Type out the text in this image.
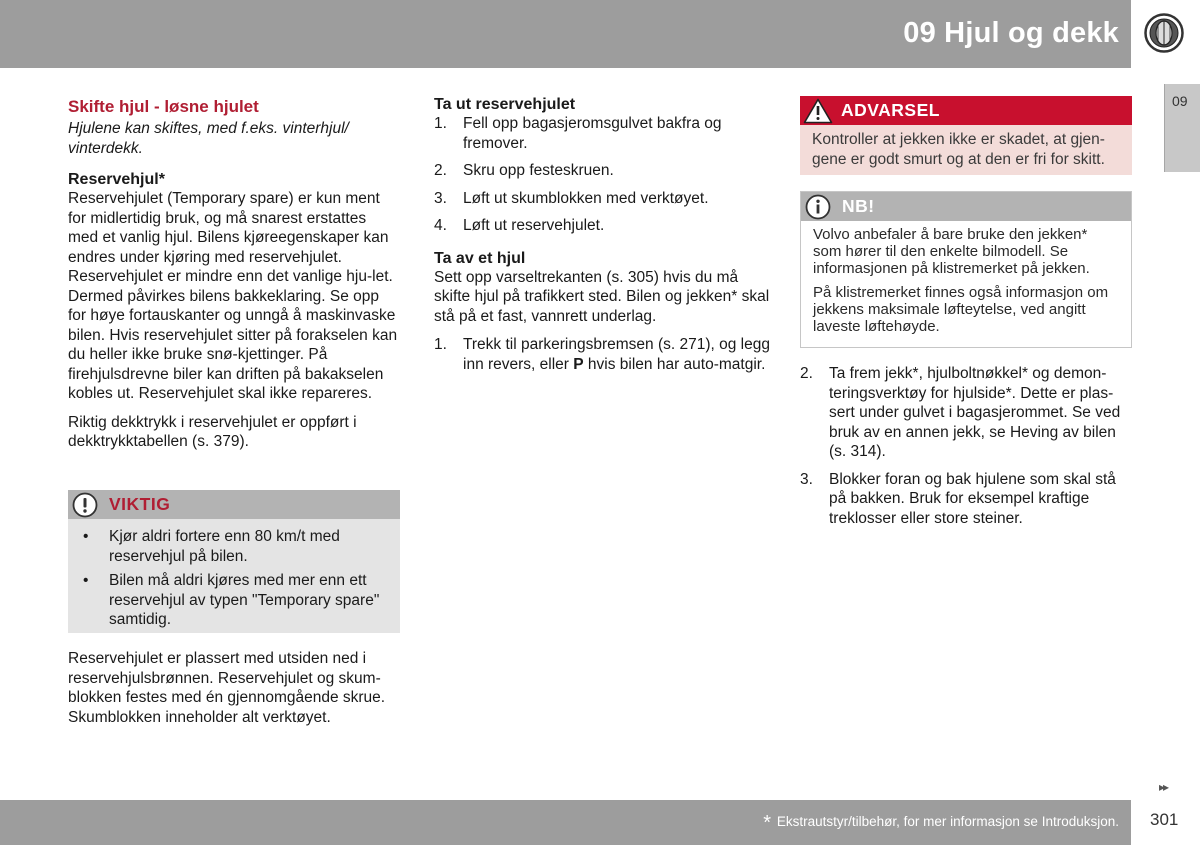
09 Hjul og dekk
09
Skifte hjul - løsne hjulet

Hjulene kan skiftes, med f.eks. vinterhjul/ vinterdekk.

Reservehjul*

Reservehjulet (Temporary spare) er kun ment for midlertidig bruk, og må snarest erstattes med et vanlig hjul. Bilens kjøreegenskaper kan endres under kjøring med reservehjulet. Reservehjulet er mindre enn det vanlige hju-let. Dermed påvirkes bilens bakkeklaring. Se opp for høye fortauskanter og unngå å maskinvaske bilen. Hvis reservehjulet sitter på forakselen kan du heller ikke bruke snø-kjettinger. På firehjulsdrevne biler kan driften på bakakselen kobles ut. Reservehjulet skal ikke repareres.

Riktig dekktrykk i reservehjulet er oppført i dekktrykktabellen (s. 379).

VIKTIG
• Kjør aldri fortere enn 80 km/t med reservehjul på bilen.
• Bilen må aldri kjøres med mer enn ett reservehjul av typen "Temporary spare" samtidig.

Reservehjulet er plassert med utsiden ned i reservehjulsbrønnen. Reservehjulet og skum-blokken festes med én gjennomgående skrue. Skumblokken inneholder alt verktøyet.

Ta ut reservehjulet
1. Fell opp bagasjeromsgulvet bakfra og fremover.
2. Skru opp festeskruen.
3. Løft ut skumblokken med verktøyet.
4. Løft ut reservehjulet.
Ta av et hjul

Sett opp varseltrekanten (s. 305) hvis du må skifte hjul på trafikkert sted. Bilen og jekken* skal stå på et fast, vannrett underlag.

1. Trekk til parkeringsbremsen (s. 271), og legg inn revers, eller P hvis bilen har auto-matgir.
ADVARSEL

Kontroller at jekken ikke er skadet, at gjen-gene er godt smurt og at den er fri for skitt.

NB!

Volvo anbefaler å bare bruke den jekken* som hører til den enkelte bilmodell. Se informasjonen på klistremerket på jekken.

På klistremerket finnes også informasjon om jekkens maksimale løfteytelse, ved angitt laveste løftehøyde.

2. Ta frem jekk*, hjulboltnøkkel* og demon-teringsverktøy for hjulside*. Dette er plas-sert under gulvet i bagasjerommet. Se ved bruk av en annen jekk, se Heving av bilen (s. 314).
3. Blokker foran og bak hjulene som skal stå på bakken. Bruk for eksempel kraftige treklosser eller store steiner.
▸▸
* Ekstrautstyr/tilbehør, for mer informasjon se Introduksjon. 301
